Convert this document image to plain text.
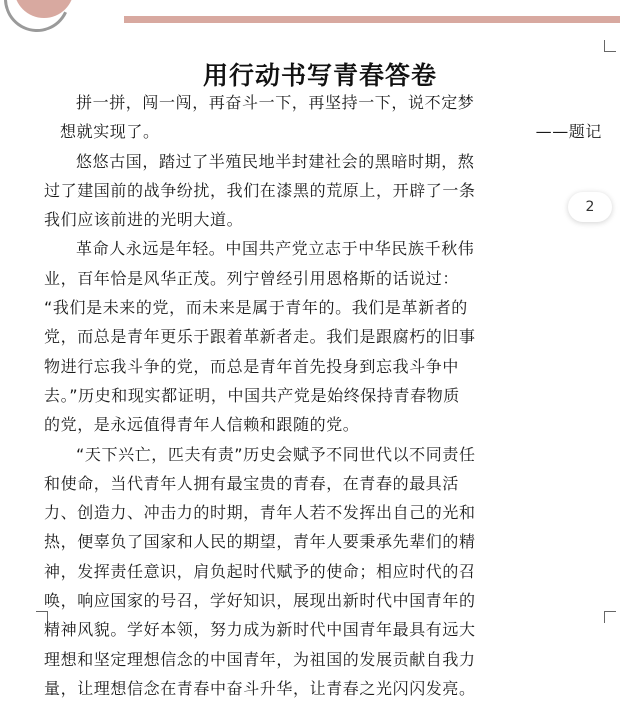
2
用行动书写青春答卷
拼一拼，闯一闯，再奋斗一下，再坚持一下，说不定梦
想就实现了。	——题记
悠悠古国，踏过了半殖民地半封建社会的黑暗时期，熬
过了建国前的战争纷扰，我们在漆黑的荒原上，开辟了一条
我们应该前进的光明大道。
革命人永远是年轻。中国共产党立志于中华民族千秋伟
业，百年恰是风华正茂。列宁曾经引用恩格斯的话说过：
“我们是未来的党，而未来是属于青年的。我们是革新者的
党，而总是青年更乐于跟着革新者走。我们是跟腐朽的旧事
物进行忘我斗争的党，而总是青年首先投身到忘我斗争中
去。”历史和现实都证明，中国共产党是始终保持青春物质
的党，是永远值得青年人信赖和跟随的党。
“天下兴亡，匹夫有责”历史会赋予不同世代以不同责任
和使命，当代青年人拥有最宝贵的青春，在青春的最具活
力、创造力、冲击力的时期，青年人若不发挥出自己的光和
热，便辜负了国家和人民的期望，青年人要秉承先辈们的精
神，发挥责任意识，肩负起时代赋予的使命；相应时代的召
唤，响应国家的号召，学好知识，展现出新时代中国青年的
精神风貌。学好本领，努力成为新时代中国青年最具有远大
理想和坚定理想信念的中国青年，为祖国的发展贡献自我力
量，让理想信念在青春中奋斗升华，让青春之光闪闪发亮。
